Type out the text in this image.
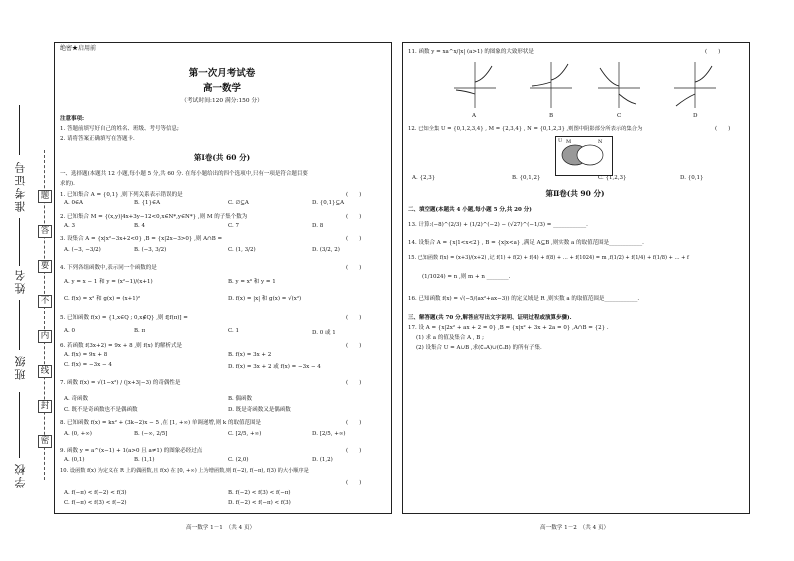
准考证号
姓名
班级
学校
题
答
要
不
内
线
封
密
绝密★启用前
第一次月考试卷
高一数学
（考试时间:120 满分:150 分）
注意事项:
1. 答题前填写好自己的姓名、班级、考号等信息;
2. 请将答案正确填写在答题卡.
第Ⅰ卷(共 60 分)
一、选择题(本题共 12 小题,每小题 5 分,共 60 分. 在每小题给出的四个选项中,只有一项是符合题目要
求的).
1. 已知集合 A = {0,1} ,则下列关系表示错误的是	(　　)
A. 0∈A	B. {1}∈A	C. ∅⊆A	D. {0,1}⊆A
2. 已知集合 M = {(x,y)|4x+3y−12<0,x∈N*,y∈N*} ,则 M 的子集个数为	(　　)
A. 3	B. 4	C. 7	D. 8
3. 设集合 A = {x|x²−3x+2<0} ,B = {x|2x−3>0} ,则 A∩B =	(　　)
A. (−3, −3/2)	B. (−3, 3/2)	C. (1, 3/2)	D. (3/2, 2)
4. 下列各组函数中,表示同一个函数的是	(　　)
A. y = x − 1 和 y = (x²−1)/(x+1)	B. y = x⁰ 和 y = 1
C. f(x) = x² 和 g(x) = (x+1)²	D. f(x) = |x| 和 g(x) = √(x²)
5. 已知函数 f(x) = {1,x∈Q ; 0,x∉Q} ,则 f[f(π)] =	(　　)
A. 0	B. π	C. 1	D. 0 或 1
6. 若函数 f(3x+2) = 9x + 8 ,则 f(x) 的解析式是	(　　)
A. f(x) = 9x + 8	B. f(x) = 3x + 2
C. f(x) = −3x − 4	D. f(x) = 3x + 2 或 f(x) = −3x − 4
7. 函数 f(x) = √(1−x²) / (|x+3|−3) 的奇偶性是	(　　)
A. 奇函数	B. 偶函数
C. 既不是奇函数也不是偶函数	D. 既是奇函数又是偶函数
8. 已知函数 f(x) = kx² + (3k−2)x − 5 ,在 [1, +∞) 单调递增,则 k 的取值范围是	(　　)
A. (0, +∞)	B. (−∞, 2/5]	C. [2/5, +∞)	D. [2/5, +∞)
9. 函数 y = a^(x−1) + 1(a>0 且 a≠1) 的图象必经过点	(　　)
A. (0,1)	B. (1,1)	C. (2,0)	D. (1,2)
10. 设函数 f(x) 为定义在 R 上的偶函数,且 f(x) 在 [0, +∞) 上为增函数,则 f(−2), f(−π), f(3) 的大小顺序是
(　　)
A. f(−π) < f(−2) < f(3)	B. f(−2) < f(3) < f(−π)
C. f(−π) < f(3) < f(−2)	D. f(−2) < f(−π) < f(3)
高一数学 1－1　（共 4 页）
11. 函数 y = xa^x/|x| (a>1) 的图象的大致形状是	(　　)
A	B	C	D
12. 已知全集 U = {0,1,2,3,4} , M = {2,3,4} , N = {0,1,2,3} ,则图中阴影部分所表示的集合为	(　　)
U M	N
A. {2,3}	B. {0,1,2}	C. {1,2,3}	D. {0,1}
第Ⅱ卷(共 90 分)
二、填空题(本题共 4 小题,每小题 5 分,共 20 分)
13. 计算:(−8)^(2/3) + (1/2)^(−2) − (√27)^(−1/3) = ____________.
14. 设集合 A = {x|1<x<2} , B = {x|x<a} ,满足 A⊆B ,则实数 a 的取值范围是____________.
15. 已知函数 f(x) = (x+3)/(x+2) ,记 f(1) + f(2) + f(4) + f(8) + … + f(1024) = m ,f(1/2) + f(1/4) + f(1/8) + … + f
(1/1024) = n ,则 m + n ________.
16. 已知函数 f(x) = √(−5/(ax²+ax−3)) 的定义域是 R ,则实数 a 的取值范围是____________.
三、解答题(共 70 分,解答应写出文字说明、证明过程或演算步骤).
17. 设 A = {x|2x² + ax + 2 = 0} ,B = {x|x² + 3x + 2a = 0} ,A∩B = {2} .
(1) 求 a 的值及集合 A , B ;
(2) 设集合 U = A∪B ,求(∁ᵤA)∪(∁ᵤB) 的所有子集.
高一数学 1－2　（共 4 页）
